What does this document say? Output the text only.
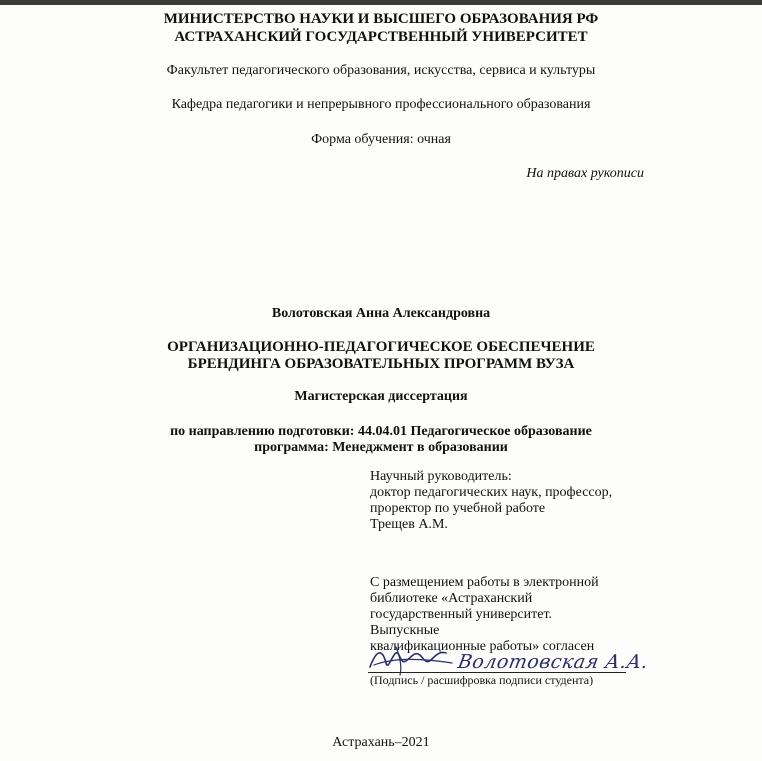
МИНИСТЕРСТВО НАУКИ И ВЫСШЕГО ОБРАЗОВАНИЯ РФ
АСТРАХАНСКИЙ ГОСУДАРСТВЕННЫЙ УНИВЕРСИТЕТ
Факультет педагогического образования, искусства, сервиса и культуры
Кафедра педагогики и непрерывного профессионального образования
Форма обучения: очная
На правах рукописи
Волотовская Анна Александровна
ОРГАНИЗАЦИОННО-ПЕДАГОГИЧЕСКОЕ ОБЕСПЕЧЕНИЕ
БРЕНДИНГА ОБРАЗОВАТЕЛЬНЫХ ПРОГРАММ ВУЗА
Магистерская диссертация
по направлению подготовки: 44.04.01 Педагогическое образование
программа: Менеджмент в образовании
Научный руководитель:
доктор педагогических наук, профессор,
проректор по учебной работе
Трещев А.М.
С размещением работы в электронной
библиотеке «Астраханский
государственный университет.
Выпускные
квалификационные работы» согласен
Волотовская А.А.
(Подпись / расшифровка подписи студента)
Астрахань–2021
